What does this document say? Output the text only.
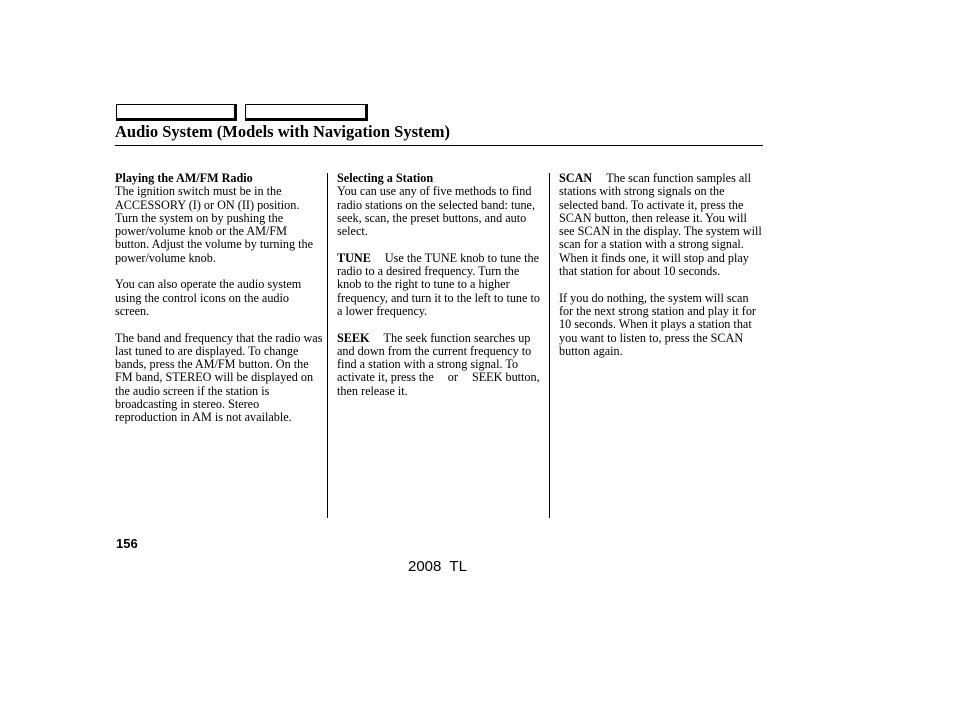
Audio System (Models with Navigation System)
Playing the AM/FM Radio

The ignition switch must be in the ACCESSORY (I) or ON (II) position. Turn the system on by pushing the power/volume knob or the AM/FM button. Adjust the volume by turning the power/volume knob.

You can also operate the audio system using the control icons on the audio screen.

The band and frequency that the radio was last tuned to are displayed. To change bands, press the AM/FM button. On the FM band, STEREO will be displayed on the audio screen if the station is broadcasting in stereo. Stereo reproduction in AM is not available.

Selecting a Station

You can use any of five methods to find radio stations on the selected band: tune, seek, scan, the preset buttons, and auto select.

TUNE Use the TUNE knob to tune the radio to a desired frequency. Turn the knob to the right to tune to a higher frequency, and turn it to the left to tune to a lower frequency.

SEEK The seek function searches up and down from the current frequency to find a station with a strong signal. To activate it, press the or SEEK button, then release it.

SCAN The scan function samples all stations with strong signals on the selected band. To activate it, press the SCAN button, then release it. You will see SCAN in the display. The system will scan for a station with a strong signal. When it finds one, it will stop and play that station for about 10 seconds.

If you do nothing, the system will scan for the next strong station and play it for 10 seconds. When it plays a station that you want to listen to, press the SCAN button again.

156
2008  TL
